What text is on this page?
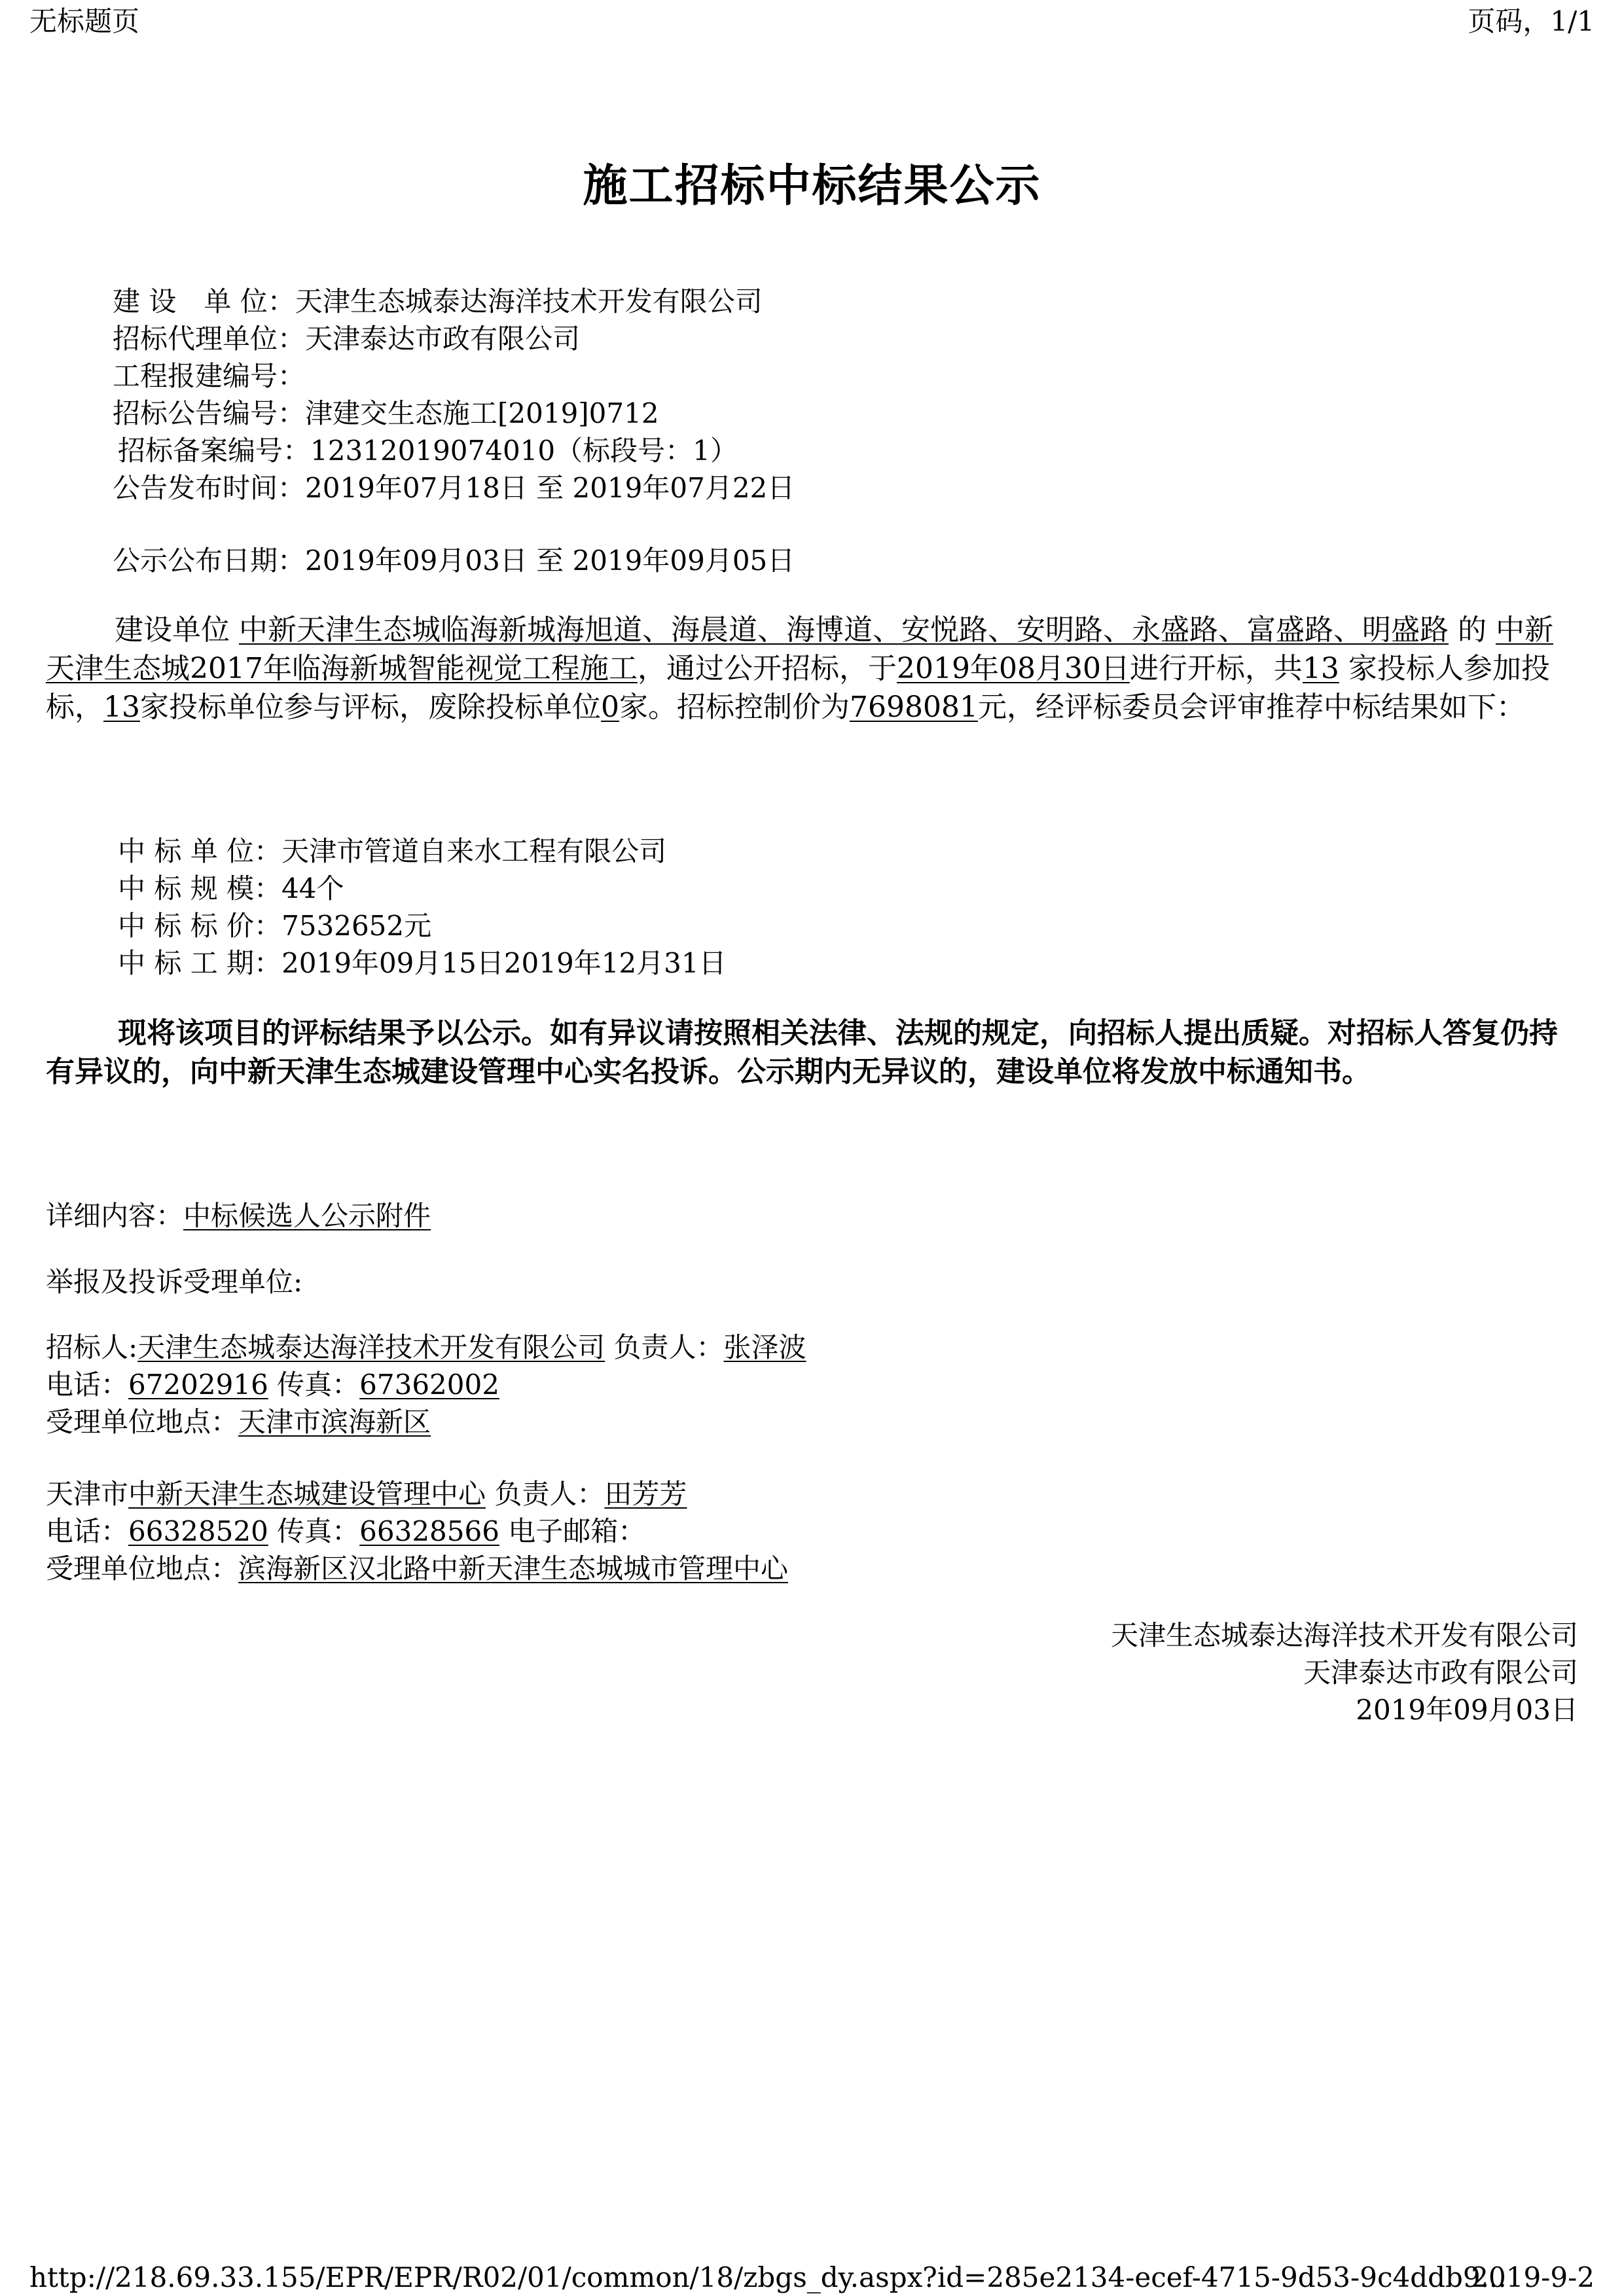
无标题页	页码，1/1
施工招标中标结果公示
建 设　单 位：天津生态城泰达海洋技术开发有限公司
招标代理单位：天津泰达市政有限公司
工程报建编号：
招标公告编号：津建交生态施工[2019]0712
招标备案编号：12312019074010（标段号：1）
公告发布时间：2019年07月18日 至 2019年07月22日
公示公布日期：2019年09月03日 至 2019年09月05日
建设单位 中新天津生态城临海新城海旭道、海晨道、海博道、安悦路、安明路、永盛路、富盛路、明盛路 的 中新天津生态城2017年临海新城智能视觉工程施工，通过公开招标，于2019年08月30日进行开标，共13 家投标人参加投标，13家投标单位参与评标，废除投标单位0家。招标控制价为7698081元，经评标委员会评审推荐中标结果如下：
中 标 单 位：天津市管道自来水工程有限公司
中 标 规 模：44个
中 标 标 价：7532652元
中 标 工 期：2019年09月15日2019年12月31日
现将该项目的评标结果予以公示。如有异议请按照相关法律、法规的规定，向招标人提出质疑。对招标人答复仍持有异议的，向中新天津生态城建设管理中心实名投诉。公示期内无异议的，建设单位将发放中标通知书。
详细内容：中标候选人公示附件
举报及投诉受理单位:
招标人:天津生态城泰达海洋技术开发有限公司 负责人：张泽波
电话：67202916 传真：67362002
受理单位地点：天津市滨海新区
天津市中新天津生态城建设管理中心 负责人：田芳芳
电话：66328520 传真：66328566 电子邮箱：
受理单位地点：滨海新区汉北路中新天津生态城城市管理中心
天津生态城泰达海洋技术开发有限公司
天津泰达市政有限公司
2019年09月03日
http://218.69.33.155/EPR/EPR/R02/01/common/18/zbgs_dy.aspx?id=285e2134-ecef-4715-9d53-9c4ddb9...
2019-9-2
